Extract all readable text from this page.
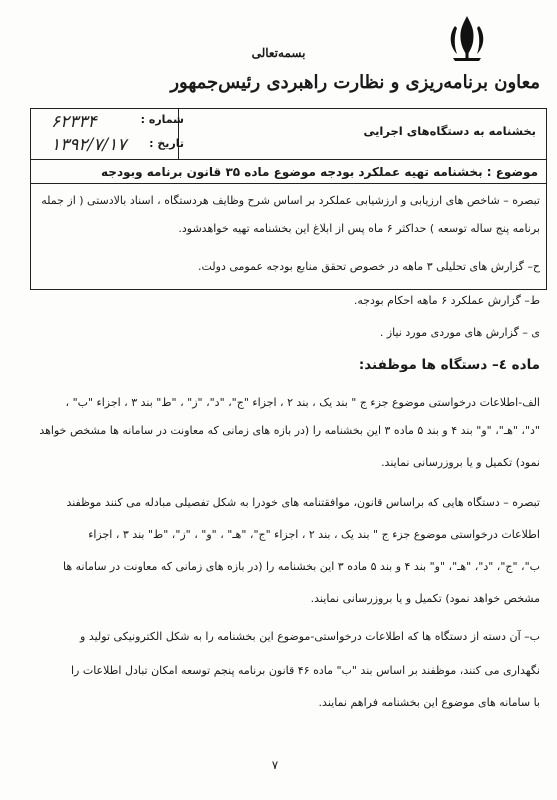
بسمه‌تعالی
معاون برنامه‌ریزی و نظارت راهبردی رئیس‌جمهور
شماره :
۶۲۳۳۴
تاریخ :
۱۳۹۲/۷/۱۷
بخشنامه به دستگاه‌های اجرایی
موضوع : بخشنامه تهیه عملکرد بودجه موضوع ماده ۳۵ قانون برنامه وبودجه
تبصره – شاخص های ارزیابی و ارزشیابی عملکرد بر اساس شرح وظایف هردستگاه ، اسناد بالادستی ( از جمله
برنامه پنج ساله توسعه ) حداکثر ۶ ماه پس از ابلاغ این بخشنامه تهیه خواهدشود.
ح– گزارش های تحلیلی ۳ ماهه در خصوص تحقق منابع بودجه عمومی دولت.
ط– گزارش عملکرد ۶ ماهه احکام بودجه.
ی – گزارش های موردی مورد نیاز .
ماده ٤– دستگاه ها موظفند:
الف-اطلاعات درخواستی موضوع جزء ج " بند یک ، بند ۲ ، اجزاء "ج"، "د"، "ز" ، "ط" بند ۳ ، اجزاء "ب" ،
"د"، "هـ"، "و" بند ۴ و بند ۵ ماده ۳ این بخشنامه را (در بازه های زمانی که معاونت در سامانه ها مشخص خواهد
نمود) تکمیل و یا بروزرسانی نمایند.
تبصره – دستگاه هایی که براساس قانون، موافقتنامه های خودرا به شکل تفصیلی مبادله می کنند موظفند
اطلاعات درخواستی موضوع جزء ج " بند یک ، بند ۲ ، اجزاء "ج"، "هـ" ، "و" ، "ز"، "ط" بند ۳ ، اجزاء
ب"، "ج"، "د"، "هـ"، "و" بند ۴ و بند ۵ ماده ۳ این بخشنامه را (در بازه های زمانی که معاونت در سامانه ها
مشخص خواهد نمود) تکمیل و یا بروزرسانی نمایند.
ب– آن دسته از دستگاه ها که اطلاعات درخواستی-موضوع این بخشنامه را به شکل الکترونیکی تولید و
نگهداری می کنند، موظفند بر اساس بند "ب" ماده ۴۶ قانون برنامه پنجم توسعه امکان تبادل اطلاعات را
با سامانه های موضوع این بخشنامه فراهم نمایند.
۷
